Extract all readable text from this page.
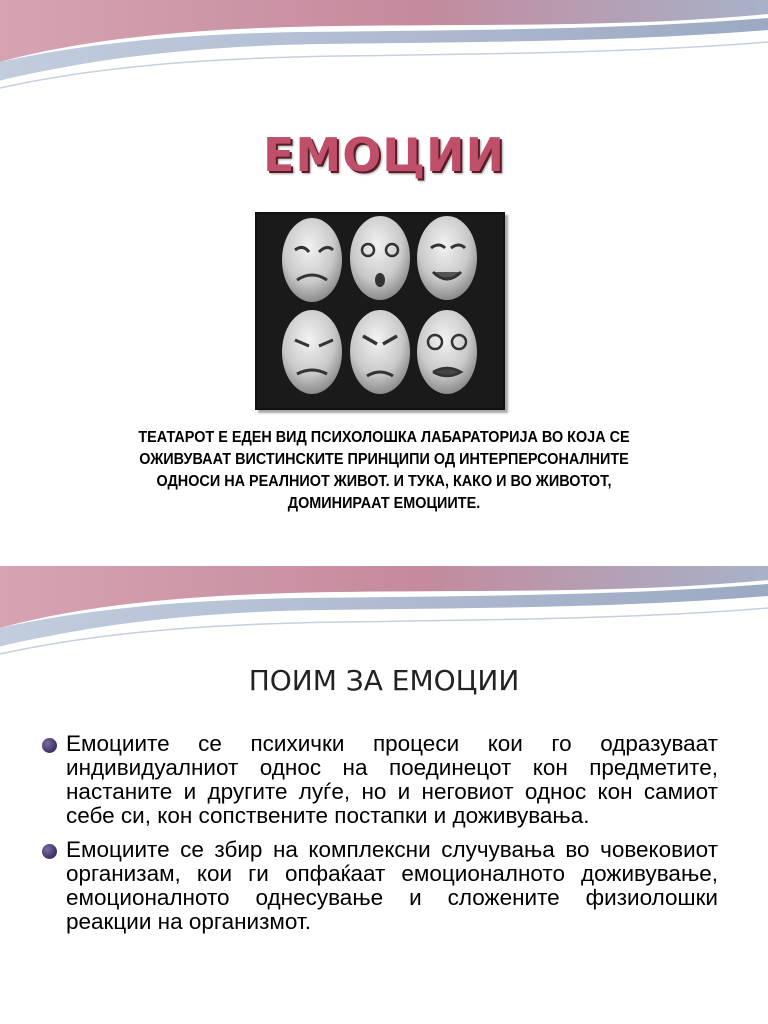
ЕМОЦИИ
ТЕАТАРОТ Е ЕДЕН ВИД ПСИХОЛОШКА ЛАБАРАТОРИЈА ВО КОЈА СЕ
ОЖИВУВААТ ВИСТИНСКИТЕ ПРИНЦИПИ ОД ИНТЕРПЕРСОНАЛНИТЕ
ОДНОСИ НА РЕАЛНИОТ ЖИВОТ. И ТУКА, КАКО И ВО ЖИВОТОТ,
ДОМИНИРААТ ЕМОЦИИТЕ.
ПОИМ ЗА ЕМОЦИИ
Емоциите се психички процеси кои го одразуваат индивидуалниот однос на поединецот кон предметите, настаните и другите луѓе, но и неговиот однос кон самиот себе си, кон сопствените постапки и доживувања.
Емоциите се збир на комплексни случувања во човековиот организам, кои ги опфаќаат емоционалното доживување, емоционалното однесување и сложените физиолошки реакции на организмот.
